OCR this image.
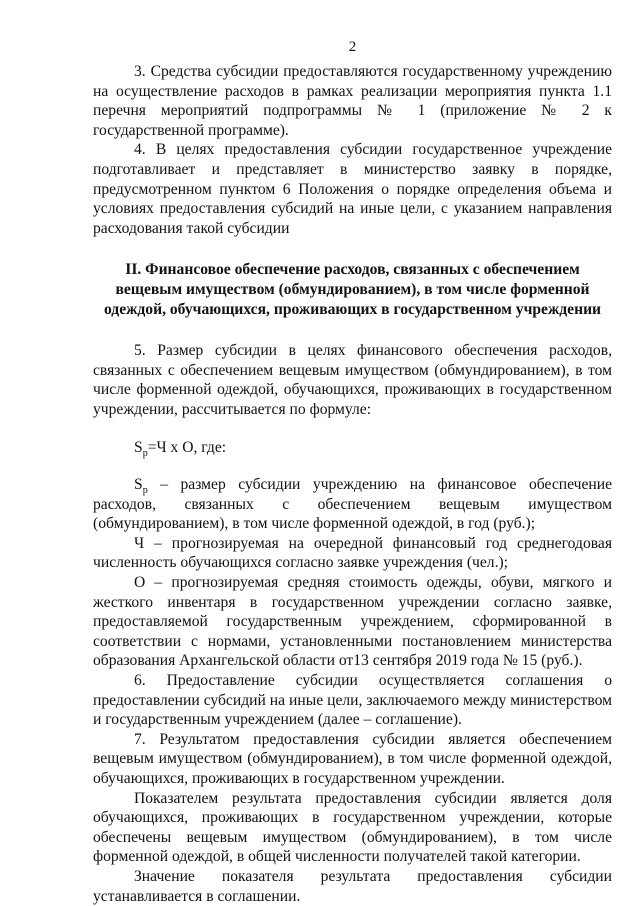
2

3. Средства субсидии предоставляются государственному учреждению на осуществление расходов в рамках реализации мероприятия пункта 1.1 перечня мероприятий подпрограммы № 1 (приложение № 2 к государственной программе).

4. В целях предоставления субсидии государственное учреждение подготавливает и представляет в министерство заявку в порядке, предусмотренном пунктом 6 Положения о порядке определения объема и условиях предоставления субсидий на иные цели, с указанием направления расходования такой субсидии

II. Финансовое обеспечение расходов, связанных с обеспечением вещевым имуществом (обмундированием), в том числе форменной одеждой, обучающихся, проживающих в государственном учреждении

5. Размер субсидии в целях финансового обеспечения расходов, связанных с обеспечением вещевым имуществом (обмундированием), в том числе форменной одеждой, обучающихся, проживающих в государственном учреждении, рассчитывается по формуле:

$S_р=Ч$ х О, где:

$S_р$ – размер субсидии учреждению на финансовое обеспечение расходов, связанных с обеспечением вещевым имуществом (обмундированием), в том числе форменной одеждой, в год (руб.);

Ч – прогнозируемая на очередной финансовый год среднегодовая численность обучающихся согласно заявке учреждения (чел.);

О – прогнозируемая средняя стоимость одежды, обуви, мягкого и жесткого инвентаря в государственном учреждении согласно заявке, предоставляемой государственным учреждением, сформированной в соответствии с нормами, установленными постановлением министерства образования Архангельской области от13 сентября 2019 года № 15 (руб.).

6. Предоставление субсидии осуществляется соглашения о предоставлении субсидий на иные цели, заключаемого между министерством и государственным учреждением (далее – соглашение).

7. Результатом предоставления субсидии является обеспечением вещевым имуществом (обмундированием), в том числе форменной одеждой, обучающихся, проживающих в государственном учреждении.

Показателем результата предоставления субсидии является доля обучающихся, проживающих в государственном учреждении, которые обеспечены вещевым имуществом (обмундированием), в том числе форменной одеждой, в общей численности получателей такой категории.

Значение показателя результата предоставления субсидии устанавливается в соглашении.
